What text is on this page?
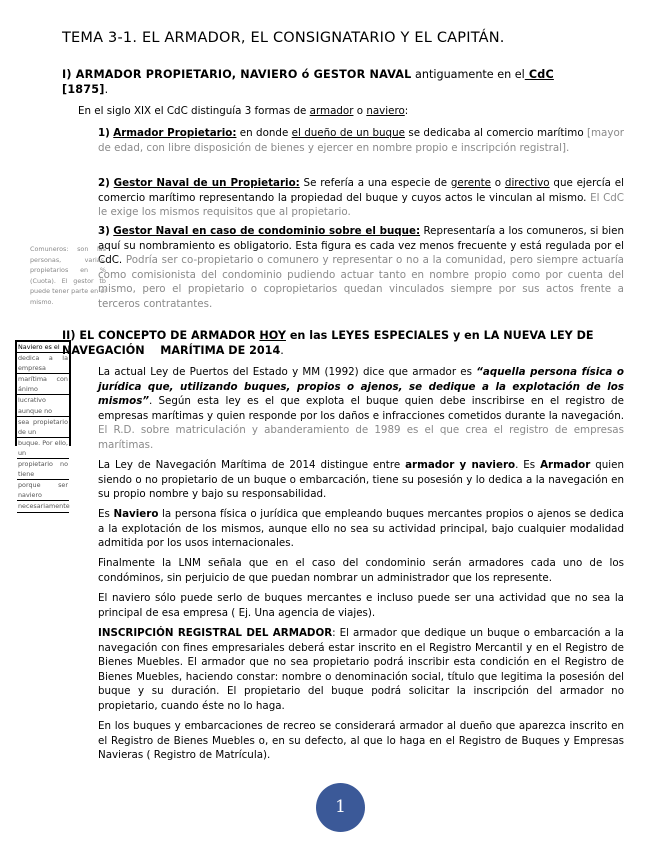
TEMA 3-1. EL ARMADOR, EL CONSIGNATARIO Y EL CAPITÁN.
I) ARMADOR PROPIETARIO, NAVIERO ó GESTOR NAVAL antiguamente en el CdC
[1875].
En el siglo XIX el CdC distinguía 3 formas de armador o naviero:
1) Armador Propietario: en donde el dueño de un buque se dedicaba al comercio marítimo [mayor de edad, con libre disposición de bienes y ejercer en nombre propio e inscripción registral].
2) Gestor Naval de un Propietario: Se refería a una especie de gerente o directivo que ejercía el comercio marítimo representando la propiedad del buque y cuyos actos le vinculan al mismo. El CdC le exige los mismos requisitos que al propietario.
3) Gestor Naval en caso de condominio sobre el buque: Representaría a los comuneros, si bien aquí su nombramiento es obligatorio. Esta figura es cada vez menos frecuente y está regulada por el CdC. Podría ser co-propietario o comunero y representar o no a la comunidad, pero siempre actuaría como comisionista del condominio pudiendo actuar tanto en nombre propio como por cuenta del mismo, pero el propietario o copropietarios quedan vinculados siempre por sus actos frente a terceros contratantes.
Comuneros: son las personas, varias, propietarios en % (Cuota). El gestor tb puede tener parte en el mismo.
Naviero es el
dedica a la empresa
marítima con ánimo
lucrativo aunque no
sea propietario de un
buque. Por ello, un
propietario no tiene
porque ser naviero
necesariamente
II) EL CONCEPTO DE ARMADOR HOY en las LEYES ESPECIALES y en LA NUEVA LEY DE NAVEGACIÓN    MARÍTIMA DE 2014.
La actual Ley de Puertos del Estado y MM (1992) dice que armador es “aquella persona física o jurídica que, utilizando buques, propios o ajenos, se dedique a la explotación de los mismos”. Según esta ley es el que explota el buque quien debe inscribirse en el registro de empresas marítimas y quien responde por los daños e infracciones cometidos durante la navegación. El R.D. sobre matriculación y abanderamiento de 1989 es el que crea el registro de empresas marítimas.
La Ley de Navegación Marítima de 2014 distingue entre armador y naviero. Es Armador quien siendo o no propietario de un buque o embarcación, tiene su posesión y lo dedica a la navegación en su propio nombre y bajo su responsabilidad.
Es Naviero la persona física o jurídica que empleando buques mercantes propios o ajenos se dedica a la explotación de los mismos, aunque ello no sea su actividad principal, bajo cualquier modalidad admitida por los usos internacionales.
Finalmente la LNM señala que en el caso del condominio serán armadores cada uno de los condóminos, sin perjuicio de que puedan nombrar un administrador que los represente.
El naviero sólo puede serlo de buques mercantes e incluso puede ser una actividad que no sea la principal de esa empresa ( Ej. Una agencia de viajes).
INSCRIPCIÓN REGISTRAL DEL ARMADOR: El armador que dedique un buque o embarcación a la navegación con fines empresariales deberá estar inscrito en el Registro Mercantil y en el Registro de Bienes Muebles. El armador que no sea propietario podrá inscribir esta condición en el Registro de Bienes Muebles, haciendo constar: nombre o denominación social, título que legitima la posesión del buque y su duración. El propietario del buque podrá solicitar la inscripción del armador no propietario, cuando éste no lo haga.
En los buques y embarcaciones de recreo se considerará armador al dueño que aparezca inscrito en el Registro de Bienes Muebles o, en su defecto, al que lo haga en el Registro de Buques y Empresas Navieras ( Registro de Matrícula).
1
